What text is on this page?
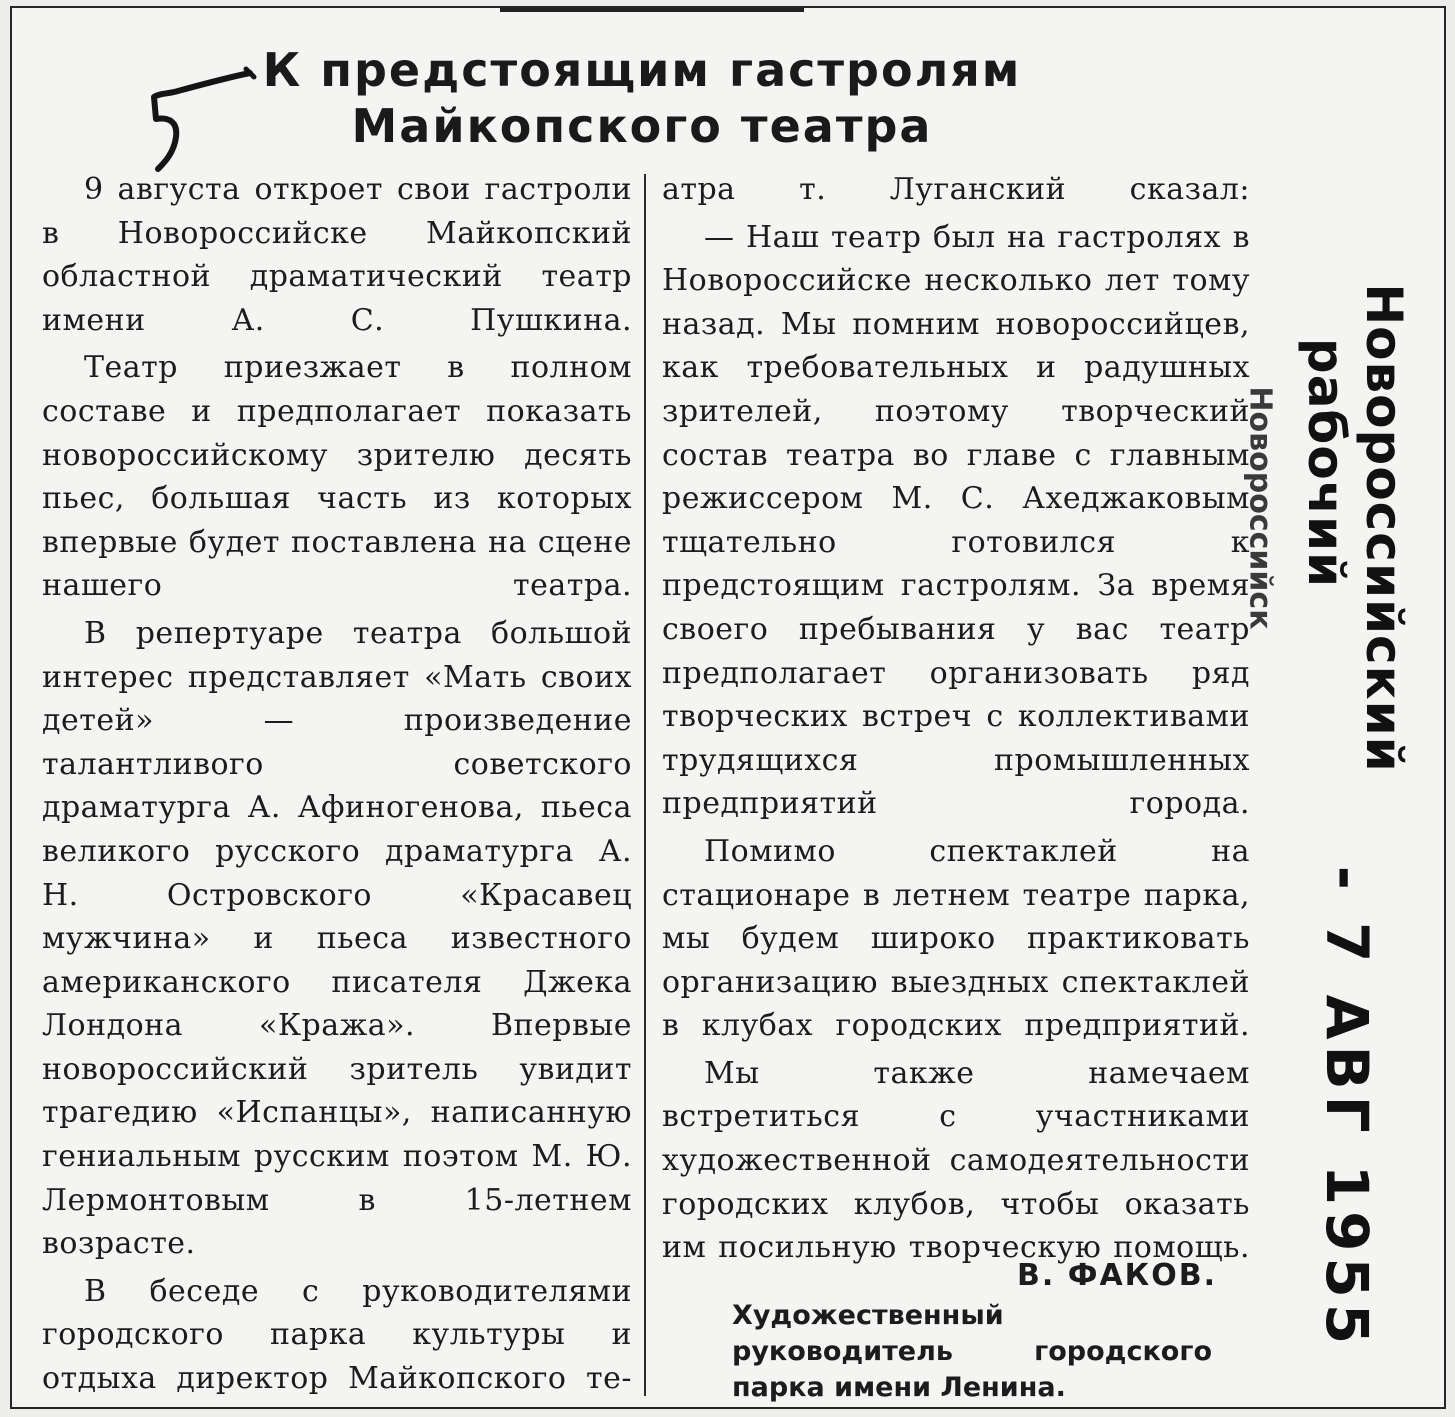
К предстоящим гастролям
Майкопского театра

9 августа откроет свои гастроли в Новороссийске Майкопский областной драматический театр имени А. С. Пушкина.

Театр приезжает в полном составе и предполагает показать новороссийскому зрителю десять пьес, большая часть из которых впервые будет поставлена на сцене нашего театра.

В репертуаре театра большой интерес представляет «Мать своих детей» — произведение талантливого советского драматурга А. Афиногенова, пьеса великого русского драматурга А. Н. Островского «Красавец мужчина» и пьеса известного американского писателя Джека Лондона «Кража». Впервые новороссийский зритель увидит трагедию «Испанцы», написанную гениальным русским поэтом М. Ю. Лермонтовым в 15-летнем возрасте.

В беседе с руководителями городского парка культуры и отдыха директор Майкопского те-

атра т. Луганский сказал:

— Наш театр был на гастролях в Новороссийске несколько лет тому назад. Мы помним новороссийцев, как требовательных и радушных зрителей, поэтому творческий состав театра во главе с главным режиссером М. С. Ахеджаковым тщательно готовился к предстоящим гастролям. За время своего пребывания у вас театр предполагает организовать ряд творческих встреч с коллективами трудящихся промышленных предприятий города.

Помимо спектаклей на стационаре в летнем театре парка, мы будем широко практиковать организацию выездных спектаклей в клубах городских предприятий.

Мы также намечаем встретиться с участниками художественной самодеятельности городских клубов, чтобы оказать им посильную творческую помощь.

В. ФАКОВ.
Художественный руководитель городского парка имени Ленина.
Новороссийск Новороссийский
рабочий
- 7 АВГ 1955
